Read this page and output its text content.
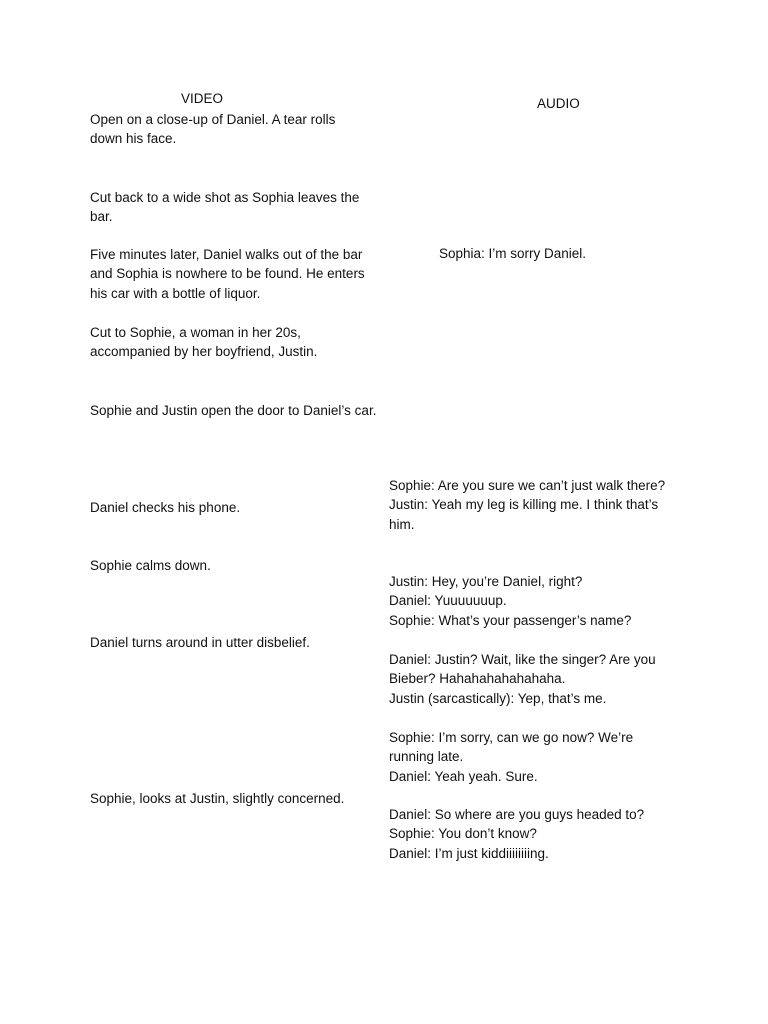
VIDEO	AUDIO
Open on a close-up of Daniel. A tear rolls
down his face.
Cut back to a wide shot as Sophia leaves the
bar.
Five minutes later, Daniel walks out of the bar
and Sophia is nowhere to be found. He enters
his car with a bottle of liquor.
Cut to Sophie, a woman in her 20s,
accompanied by her boyfriend, Justin.
Sophie and Justin open the door to Daniel’s car.
Daniel checks his phone.
Sophie calms down.
Daniel turns around in utter disbelief.
Sophie, looks at Justin, slightly concerned.
Sophia: I’m sorry Daniel.
Sophie: Are you sure we can’t just walk there?
Justin: Yeah my leg is killing me. I think that’s
him.
Justin: Hey, you’re Daniel, right?
Daniel: Yuuuuuuup.
Sophie: What’s your passenger’s name?
Daniel: Justin? Wait, like the singer? Are you
Bieber? Hahahahahahahaha.
Justin (sarcastically): Yep, that’s me.
Sophie: I’m sorry, can we go now? We’re
running late.
Daniel: Yeah yeah. Sure.
Daniel: So where are you guys headed to?
Sophie: You don’t know?
Daniel: I’m just kiddiiiiiiiing.
